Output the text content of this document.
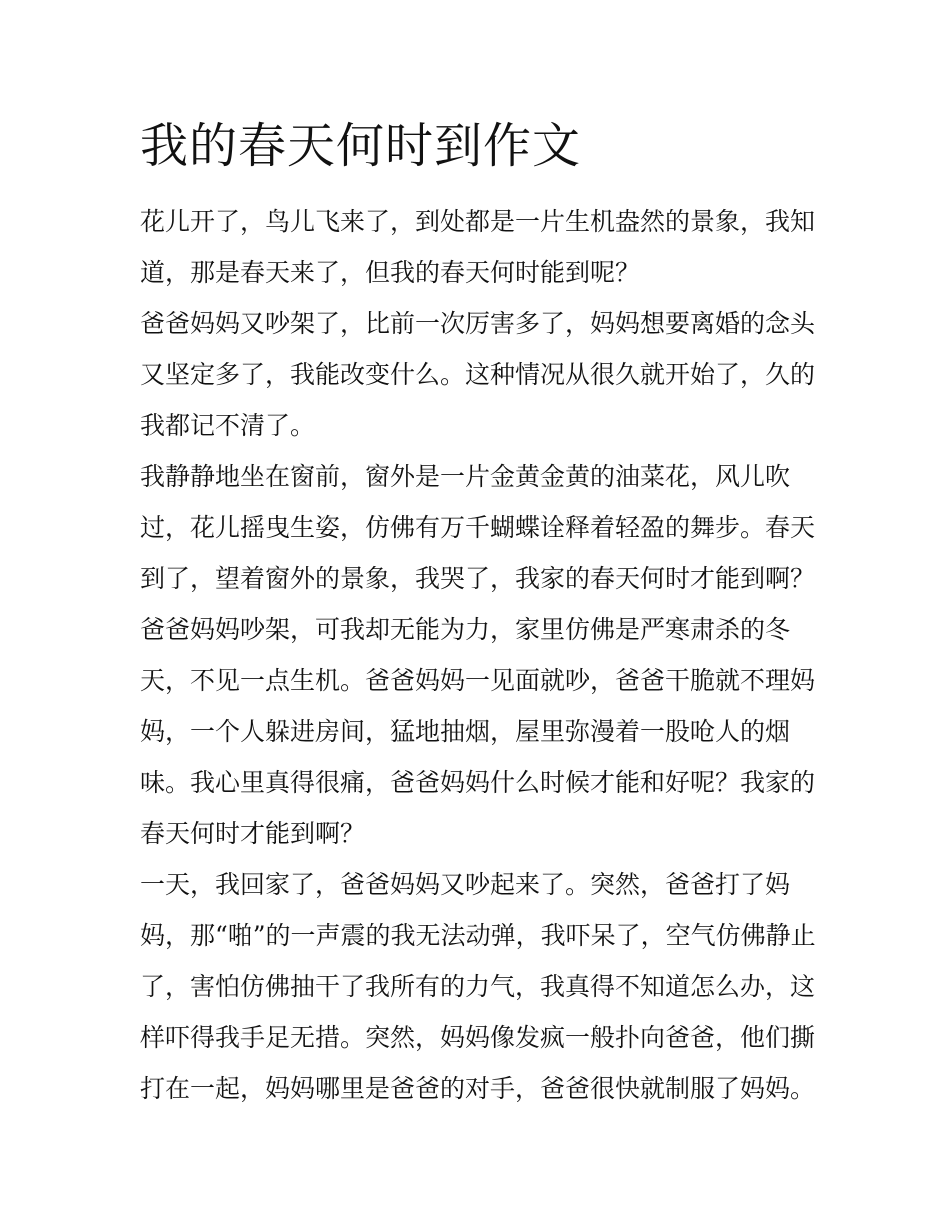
我的春天何时到作文

花儿开了，鸟儿飞来了，到处都是一片生机盎然的景象，我知
道，那是春天来了，但我的春天何时能到呢？

爸爸妈妈又吵架了，比前一次厉害多了，妈妈想要离婚的念头
又坚定多了，我能改变什么。这种情况从很久就开始了，久的
我都记不清了。

我静静地坐在窗前，窗外是一片金黄金黄的油菜花，风儿吹
过，花儿摇曳生姿，仿佛有万千蝴蝶诠释着轻盈的舞步。春天
到了，望着窗外的景象，我哭了，我家的春天何时才能到啊？
爸爸妈妈吵架，可我却无能为力，家里仿佛是严寒肃杀的冬
天，不见一点生机。爸爸妈妈一见面就吵，爸爸干脆就不理妈
妈，一个人躲进房间，猛地抽烟，屋里弥漫着一股呛人的烟
味。我心里真得很痛，爸爸妈妈什么时候才能和好呢？我家的
春天何时才能到啊？

一天，我回家了，爸爸妈妈又吵起来了。突然，爸爸打了妈
妈，那“啪”的一声震的我无法动弹，我吓呆了，空气仿佛静止
了，害怕仿佛抽干了我所有的力气，我真得不知道怎么办，这
样吓得我手足无措。突然，妈妈像发疯一般扑向爸爸，他们撕
打在一起，妈妈哪里是爸爸的对手，爸爸很快就制服了妈妈。
